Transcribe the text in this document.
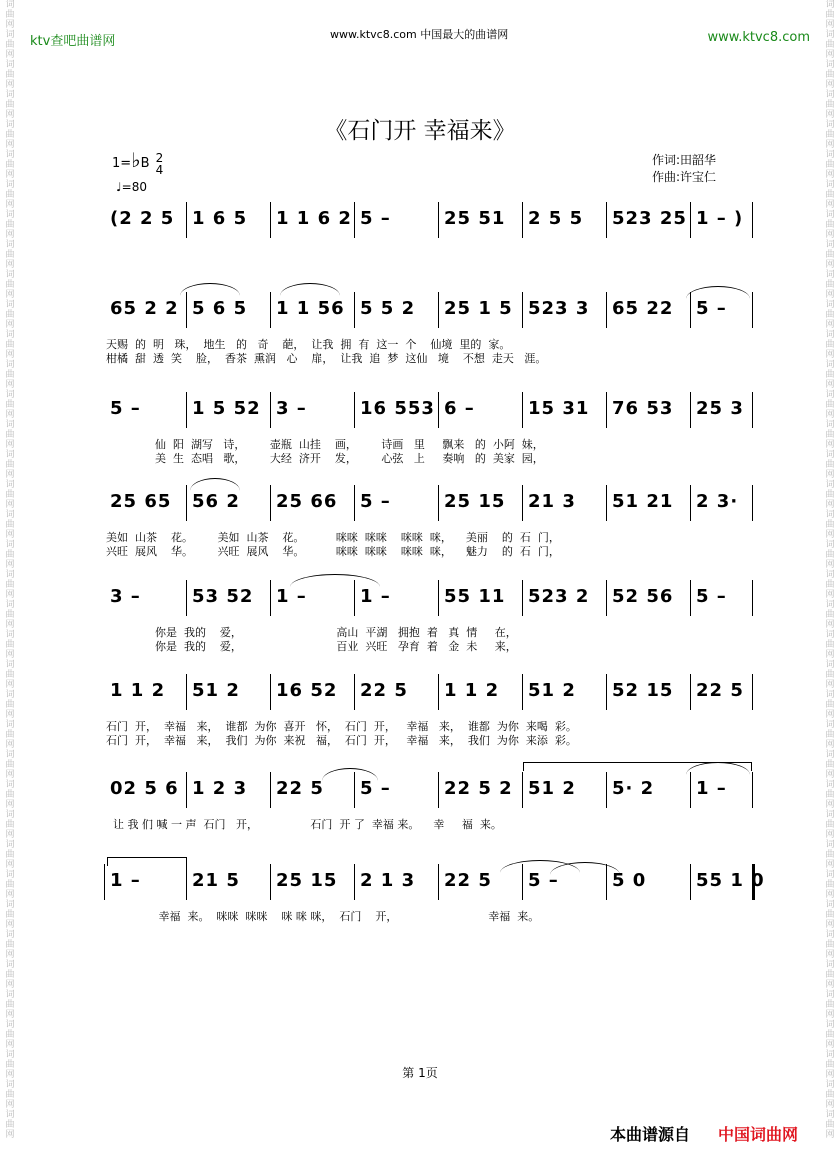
词
曲
网
词
曲
网
词
曲
网
词
曲
网
词
曲
网
词
曲
网
词
曲
网
词
曲
网
词
曲
网
词
曲
网
词
曲
网
词
曲
网
词
曲
网
词
曲
网
词
曲
网
词
曲
网
词
曲
网
词
曲
网
词
曲
网
词
曲
网
词
曲
网
词
曲
网
词
曲
网
词
曲
网
词
曲
网
词
曲
网
词
曲
网
词
曲
网
词
曲
网
词
曲
网
词
曲
网
词
曲
网
词
曲
网
词
曲
网
词
曲
网
词
曲
网
词
曲
网
词
曲
网
词
曲
网
词
曲
网
词
曲
网
词
曲
网
词
曲
网
词
曲
网
词
曲
网
词
曲
网
词
曲
网
词
曲
网
词
曲
网
词
曲
网
词
曲
网
词
曲
网
词
曲
网
词
曲
网
词
曲
网
词
曲
网
词
曲
网
词
曲
网
词
曲
网
词
曲
网
词
曲
网
词
曲
网
词
曲
网
词
曲
网
词
曲
网
词
曲
网
词
曲
网
词
曲
网
词
曲
网
词
曲
网
词
曲
网
词
曲
网
词
曲
网
词
曲
网
词
曲
网
词
曲
网
ktv查吧曲谱网	www.ktvc8.com 中国最大的曲谱网	www.ktvc8.com
《石门开 幸福来》
1=♭B 2
4
♩=80
作词:田韶华
作曲:许宝仁
(2 2 5 1 6 5 1 1 6 2 5 –	25 51 2 5 5 523 25 1 – )
65 2 2 5 6 5 1 1 56 5 5 2 25 1 5 523 3 65 22 5 –
天赐  的  明   珠，  地生   的   奇    葩，  让我  拥  有  这一  个    仙境  里的  家。
柑橘  甜  透  笑    脸，  香茶  熏润   心    扉，  让我  追  梦  这仙   境    不想  走天   涯。
5 –	1 5 52 3 –	16 553 6 –	15 31 76 53 25 3
仙  阳  湖写   诗，       壶瓶  山挂    画，       诗画   里     飘来   的  小阿  妹，
美  生  态唱   歌，       大经  济开    发，       心弦   上     奏响   的  美家  园，
25 65 56 2 25 66 5 –	25 15 21 3 51 21 2 3·
美如  山茶    花。       美如  山茶    花。         咪咪  咪咪    咪咪  咪，    美丽    的  石  门，
兴旺  展风    华。       兴旺  展风    华。         咪咪  咪咪    咪咪  咪，    魅力    的  石  门，
3 –	53 52 1 –	1 –	55 11 523 2 52 56 5 –
你是  我的    爱，                           高山  平湖   拥抱  着   真  情     在，
你是  我的    爱，                           百业  兴旺   孕育  着   金  未     来，
1 1 2 51 2 16 52 22 5 1 1 2 51 2 52 15 22 5
石门  开，  幸福   来，  谁都  为你  喜开   怀，  石门  开，   幸福   来，  谁都  为你  来喝  彩。
石门  开，  幸福   来，  我们  为你  来祝   福，  石门  开，   幸福   来，  我们  为你  来添  彩。
02 5 6 1 2 3 22 5 5 –	22 5 2 51 2 5· 2 1 –
让 我 们 喊 一 声  石门   开，               石门  开 了  幸福 来。    幸     福  来。
1 –	21 5 25 15 2 1 3 22 5 5 –	5 0	55 1 0
幸福  来。  咪咪  咪咪    咪 咪 咪，  石门    开，                          幸福  来。
第 1页
本曲谱源自 中国词曲网
